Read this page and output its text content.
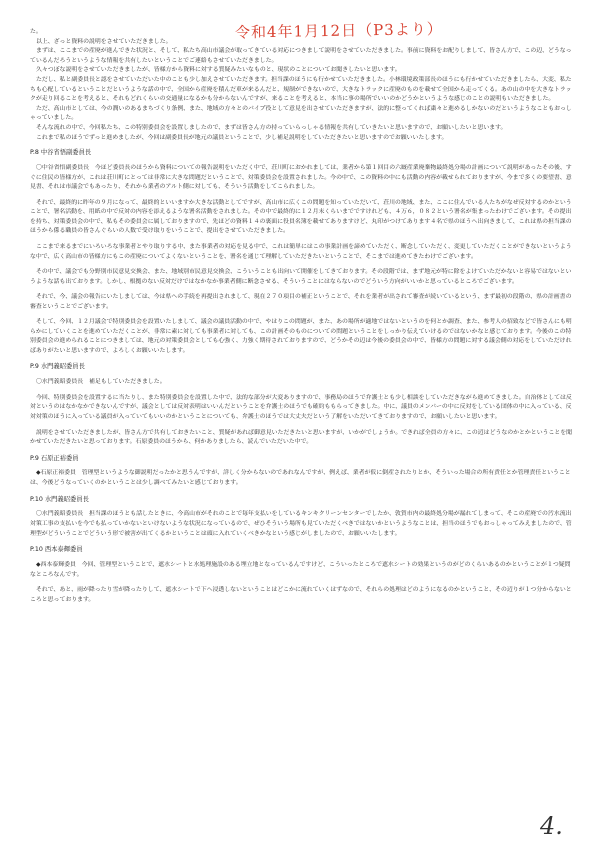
令和4年1月12日（P3より）

た。

以上、ざっと資料の説明をさせていただきました。

まずは、ここまでの産廃が進んできた状況と、そして、私たち高山市議会が取ってきている対応につきまして説明をさせていただきました。事前に資料をお配りしまして、皆さん方で、この辺、どうなっているんだろうというような情報を共有したいということでご連絡もさせていただきました。

久々つぼな説明をさせていただきましたが、皆様方から資料に対する質疑みたいなものと、現状のことについてお聞きしたいと思います。

ただし、私と副委員長と認をさせていただいた中のことも少し加えさせていただきます。担当課のほうにも行かせていただきました。小林環境政策部長のほうにも行かせていただきましたら、大変、私たちも心配しているということだというような話の中で、全国から産廃を積んだ車が来るんだと、規制ができないので、大きなトラックに産廃のものを載せて全国から走ってくる。あの山の中を大きなトラックが走り回ることを考えると、それもどれくらいの交通量になるかも分からないんですが、来ることを考えると、本当に事の場所でいいのかどうかというような感じのことの説明もいただきました。

ただ、高山市としては、今の潤いのあるまちづくり条例、また、地域の方々とのパイプ役として意見を出させていただきますが、法的に整ってくれば粛々と進めるしかないのだというようなこともおっしゃっていました。

そんな流れの中で、今回私たち、この特別委員会を設置しましたので、まずは皆さん方の持っていらっしゃる情報を共有していきたいと思いますので、お願いしたいと思います。

これまで私のほうでずっと進めましたが、今回は副委員長が地元の議員ということで、少し補足説明をしていただきたいと思いますのでお願いいたします。

P.8 中谷省悟副委員長

〇中谷省悟副委員長　今ほど委員長のほうから資料についての報告説明をいただく中で、荘川町におかれましては、業者から第１回目の六厩産業廃棄物最終処分場の計画について説明があったその後、すぐに住民の皆様方が、これは荘川町にとっては非常に大きな問題だということで、対策委員会を設置されました。今の中で、この資料の中にも活動の内容が載せられておりますが、今まで多くの要望書、意見書、それは市議会でもあったり、それから業者のアルト側に対しても、そういう活動をしてこられました。

それで、最終的に昨年の９月になって、最終的といいますか大きな活動としてですが、高山市に広くこの問題を知っていただいて、荘川の地域、また、ここに住んでいる人たちがなぜ反対するのかということで、署名活動を、用紙の中で反対の内容を添えるような署名活動をされました。その中で最終的に１２月末くらいまでですけれども、４万６，０８２という署名が集まったわけでございます。その提出を持ち、対策委員会の中で、私もその委員会に属しておりますので、先ほどの資料１４の裏面に役員名簿を載せてありますけど、丸印がつけてあります４名で県のほうへ出向きまして、これは県の担当課のほうから係る職員の皆さんぐらいの人数で受け取りをいうことで、提出をさせていただきました。

ここまで来るまでにいろいろな事業者とやり取りする中、また事業者の対応を見る中で、これは簡単にはこの事業計画を諦めていただく、断念していただく、変更していただくことができないというような中で、広く高山市の皆様方にもこの産廃についてよくないということを、署名を通じて理解していただきたいということで、そこまでは進めてきたわけでございます。

その中で、議会でも分野別市民意見交換会、また、地域別市民意見交換会、こういうことも出向いて開催をしてきております。その段階では、まず地元が特に除をよけていただかないと容易ではないというような話も出ております。しかし、根拠のない反対だけではなかなか事業者側に断念させる、そういうことにはならないのでどういう方向がいいかと思っているところでございます。

それで、今、議会の報告にいたしましては、今は県への手続を再提出されまして、現在２７０項目の補正ということで、それを業者が出されて審査が続いているという、まず最初の段階の、県の計画書の審査ということでございます。

そして、今回、１２月議会で特別委員会を設置いたしまして、議会の議員活動の中で、やはりこの問題が、また、あの場所が適地ではないというのを何とか調査、また、参考人の招致などで皆さんにも明らかにしていくことを進めていただくことが、非常に素に対しても事業者に対しても、この計画そのものについての問題ということをしっかり伝えていけるのではないかなと感じております。今後のこの特別委員会の進められることにつきましては、地元の対策委員会としても心強く、力強く期待されておりますので、どうかその辺は今後の委員会の中で、皆様方の問題に対する議会側の対応をしていただければありがたいと思いますので、よろしくお願いいたします。

P.9 水門義昭委員長

〇水門義昭委員長　補足もしていただきました。

今回、特別委員会を設置するに当たりし、また特別委員会を設置した中で、法的な部分が大変ありますので、事務局のほうで弁護士とも少し相談をしていただきながら進めてきました。自治体としては反対というのはなかなかできないんですが、議会としては反対表明はいいんだということを弁護士のほうでも確約ももらってきました。中に、議員のメンバーの中に反対をしている団体の中に入っている、反対対策のほうに入っている議員が入っていてもいいのかということについても、弁護士のほうでは大丈夫だという了解をいただいてきておりますので、お願いしたいと思います。

説明をさせていただきましたが、皆さん方で共有しておきたいこと、質疑があれば御意見いただきたいと思いますが、いかがでしょうか。できれば全員の方々に、この辺はどうなのかとかということを聞かせていただきたいと思っております。石原委員のほうから、何かありましたら、読んでいただいた中で。

P.9 石原正裕委員

◆石原正裕委員　管理型というような御説明だったかと思うんですが、詳しく分からないのであれなんですが、例えば、業者が仮に倒産されたりとか、そういった場合の所有責任とか管理責任ということは、今後どうなっていくのかということは少し調べてみたいと感じております。

P.10 水門義昭委員長

〇水門義昭委員長　担当課のほうとも話したときに、今高山市がそれのことで毎年支払いをしているキンキクリーンセンターでしたか、敦賀市内の最終処分場が漏れてしまって、そこの産廃での汚水流出対策工事の支払いを今でも払っていかないといけないような状況になっているので、ぜひそういう場所も見ていただくべきではないかというようなことは、担当のほうでもおっしゃってみえましたので、管理型がどういうことでどういう形で被害が出てくるかということは頭に入れていくべきかなという感じがしましたので、お願いいたします。

P.10 西本泰輝委員

◆西本泰輝委員　今回、管理型ということで、遮水シートと水処理施設のある埋立地となっているんですけど、こういったところで遮水シートの効果というのがどのくらいあるのかということが１つ疑問なところなんです。

それで、あと、雨が降ったり雪が降ったりして、遮水シートで下へ浸透しないということはどこかに流れていくはずなので、それらの処理はどのようになるのかということ、その辺りが１つ分からないところと思っております。

4.
